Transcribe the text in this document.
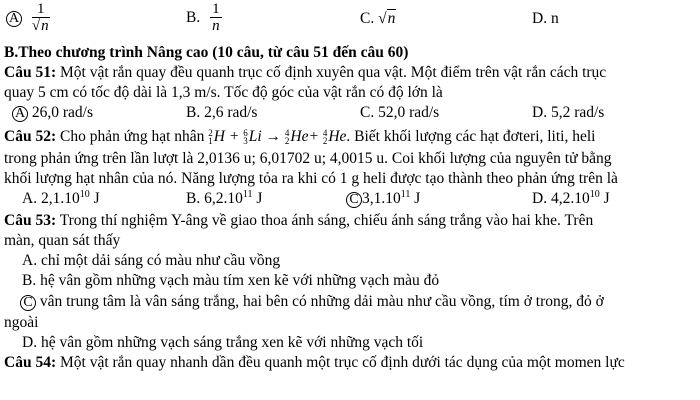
A $\frac{1}{√n}$	B. $\frac{1}{n}$	C. √n	D. n
B.Theo chương trình Nâng cao (10 câu, từ câu 51 đến câu 60)
Câu 51: Một vật rắn quay đều quanh trục cố định xuyên qua vật. Một điểm trên vật rắn cách trục
quay 5 cm có tốc độ dài là 1,3 m/s. Tốc độ góc của vật rắn có độ lớn là
A 26,0 rad/s	B. 2,6 rad/s	C. 52,0 rad/s	D. 5,2 rad/s
Câu 52: Cho phản ứng hạt nhân 2
1H + 6
3Li → 4
2He+ 4
2He. Biết khối lượng các hạt đơteri, liti, heli
trong phản ứng trên lần lượt là 2,0136 u; 6,01702 u; 4,0015 u. Coi khối lượng của nguyên tử bằng
khối lượng hạt nhân của nó. Năng lượng tỏa ra khi có 1 g heli được tạo thành theo phản ứng trên là
A. 2,1.10$^{10}$ J	B. 6,2.10$^{11}$ J	C 3,1.10$^{11}$ J	D. 4,2.10$^{10}$ J
Câu 53: Trong thí nghiệm Y-âng về giao thoa ánh sáng, chiếu ánh sáng trắng vào hai khe. Trên
màn, quan sát thấy
A. chỉ một dải sáng có màu như cầu vồng
B. hệ vân gồm những vạch màu tím xen kẽ với những vạch màu đỏ
C vân trung tâm là vân sáng trắng, hai bên có những dải màu như cầu vồng, tím ở trong, đỏ ở
ngoài
D. hệ vân gồm những vạch sáng trắng xen kẽ với những vạch tối
Câu 54: Một vật rắn quay nhanh dần đều quanh một trục cố định dưới tác dụng của một momen lực
